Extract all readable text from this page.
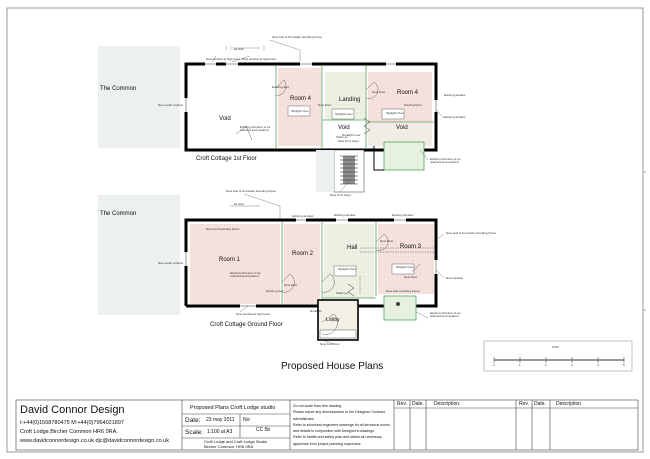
The Common
The Common
Croft Cottage 1st Floor
Croft Cottage Ground Floor
Proposed House Plans
Void
Room 4	Landing
Room 4
Void	Void
Room 1
Room 2
Hall	Room 3
Lobby
New sole & M outside boarding frame
New window at high level New window at high level
New south window
Existing structure to be retained and repaired
Skylight Over
Skylight Over
Existing window
Existing structure to be retained and repaired
New front steps
New sole & M outside boarding frame
New south window
Existing window	Existing window	Existing window
Existing structure to be retained and repaired
New stud boarding frame
Skylight Over	Skylight Over
New sole & M outside boarding frame
New window
Existing structure to be retained and repaired
New front door
New window at high level
New front steps
New Door
Stairs up
Stairs up
Existing door
New Door
New Door
Existing door
Rooflight over
Skylight Over
Existing Door
New Door
New Door
as built
as built
New stair boarding frame
Existing window
Rooflight
1000
0	1	2	3	4	5
David Connor Design
t:+44(0)1568780475 M:+44(0)7964021897
Croft Lodge,Bircher Common HR6 0RA.
www.davidconnordesign.co.uk djc@davidconnordesign.co.uk
Proposed Plans Croft Lodge studio
Date: 23 may 2011 No:
CC 5b
Scale: 1:100 at A3
Croft Lodge and Croft Lodge Studio
Bircher Common, HR6 0RA
Do not scale from this drawing
Please report any discrepancies to the Designer/ Contract
administrator
Refer to structural engineers drawings for all structural works
and details in conjunction with Designer's drawings
Refer to health and safety plan and obtain all necessary
approvals from project planning supervisor.
Rev. Date. Description.	Rev. Date. Description.
